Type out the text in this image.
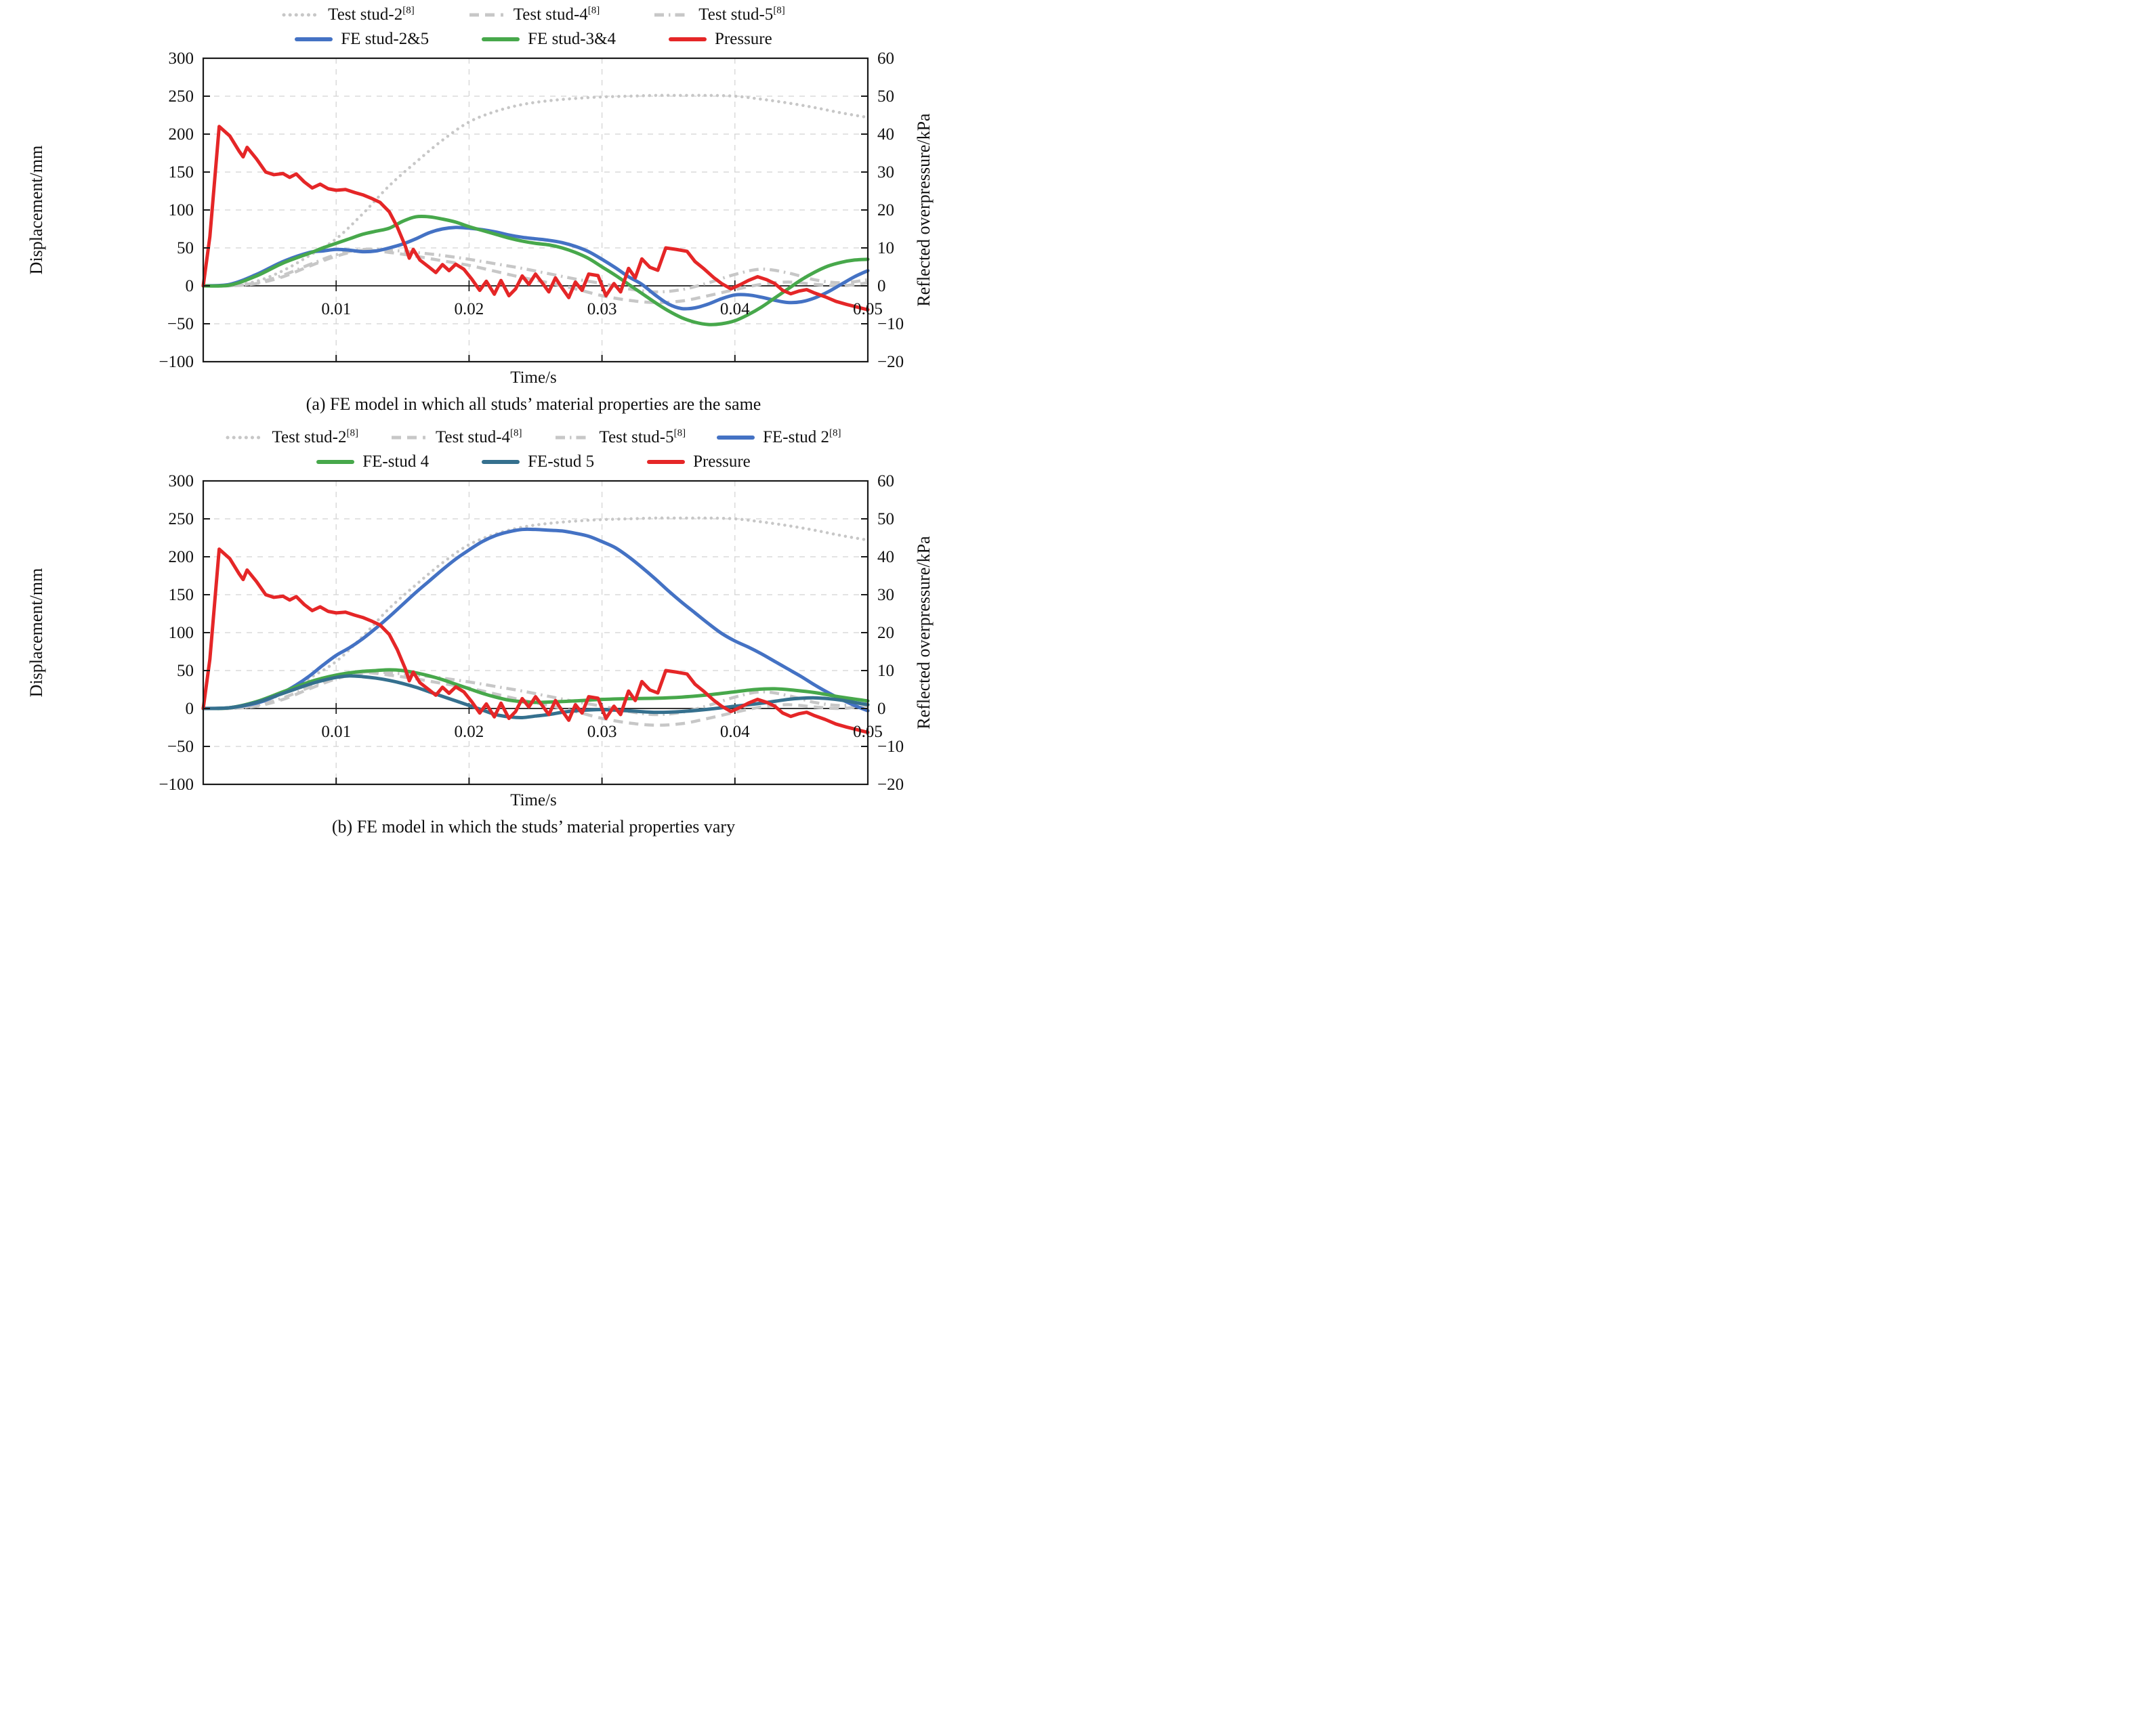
Test stud-2[8]	Test stud-4[8]	Test stud-5[8]
FE stud-2&5	FE stud-3&4	Pressure
300
250
200
150
100
50
0
−50
−100
60
50
40
30
20
10
0
−10
−20
0.01	0.02	0.03	0.04	0.05
Displacement/mm	Reflected overpressure/kPa
Time/s
(a) FE model in which all studs’ material properties are the same
Test stud-2[8]	Test stud-4[8]	Test stud-5[8]	FE-stud 2[8]
FE-stud 4	FE-stud 5	Pressure
300
250
200
150
100
50
0
−50
−100
60
50
40
30
20
10
0
−10
−20
0.01	0.02	0.03	0.04	0.05
Displacement/mm	Reflected overpressure/kPa
Time/s
(b) FE model in which the studs’ material properties vary
